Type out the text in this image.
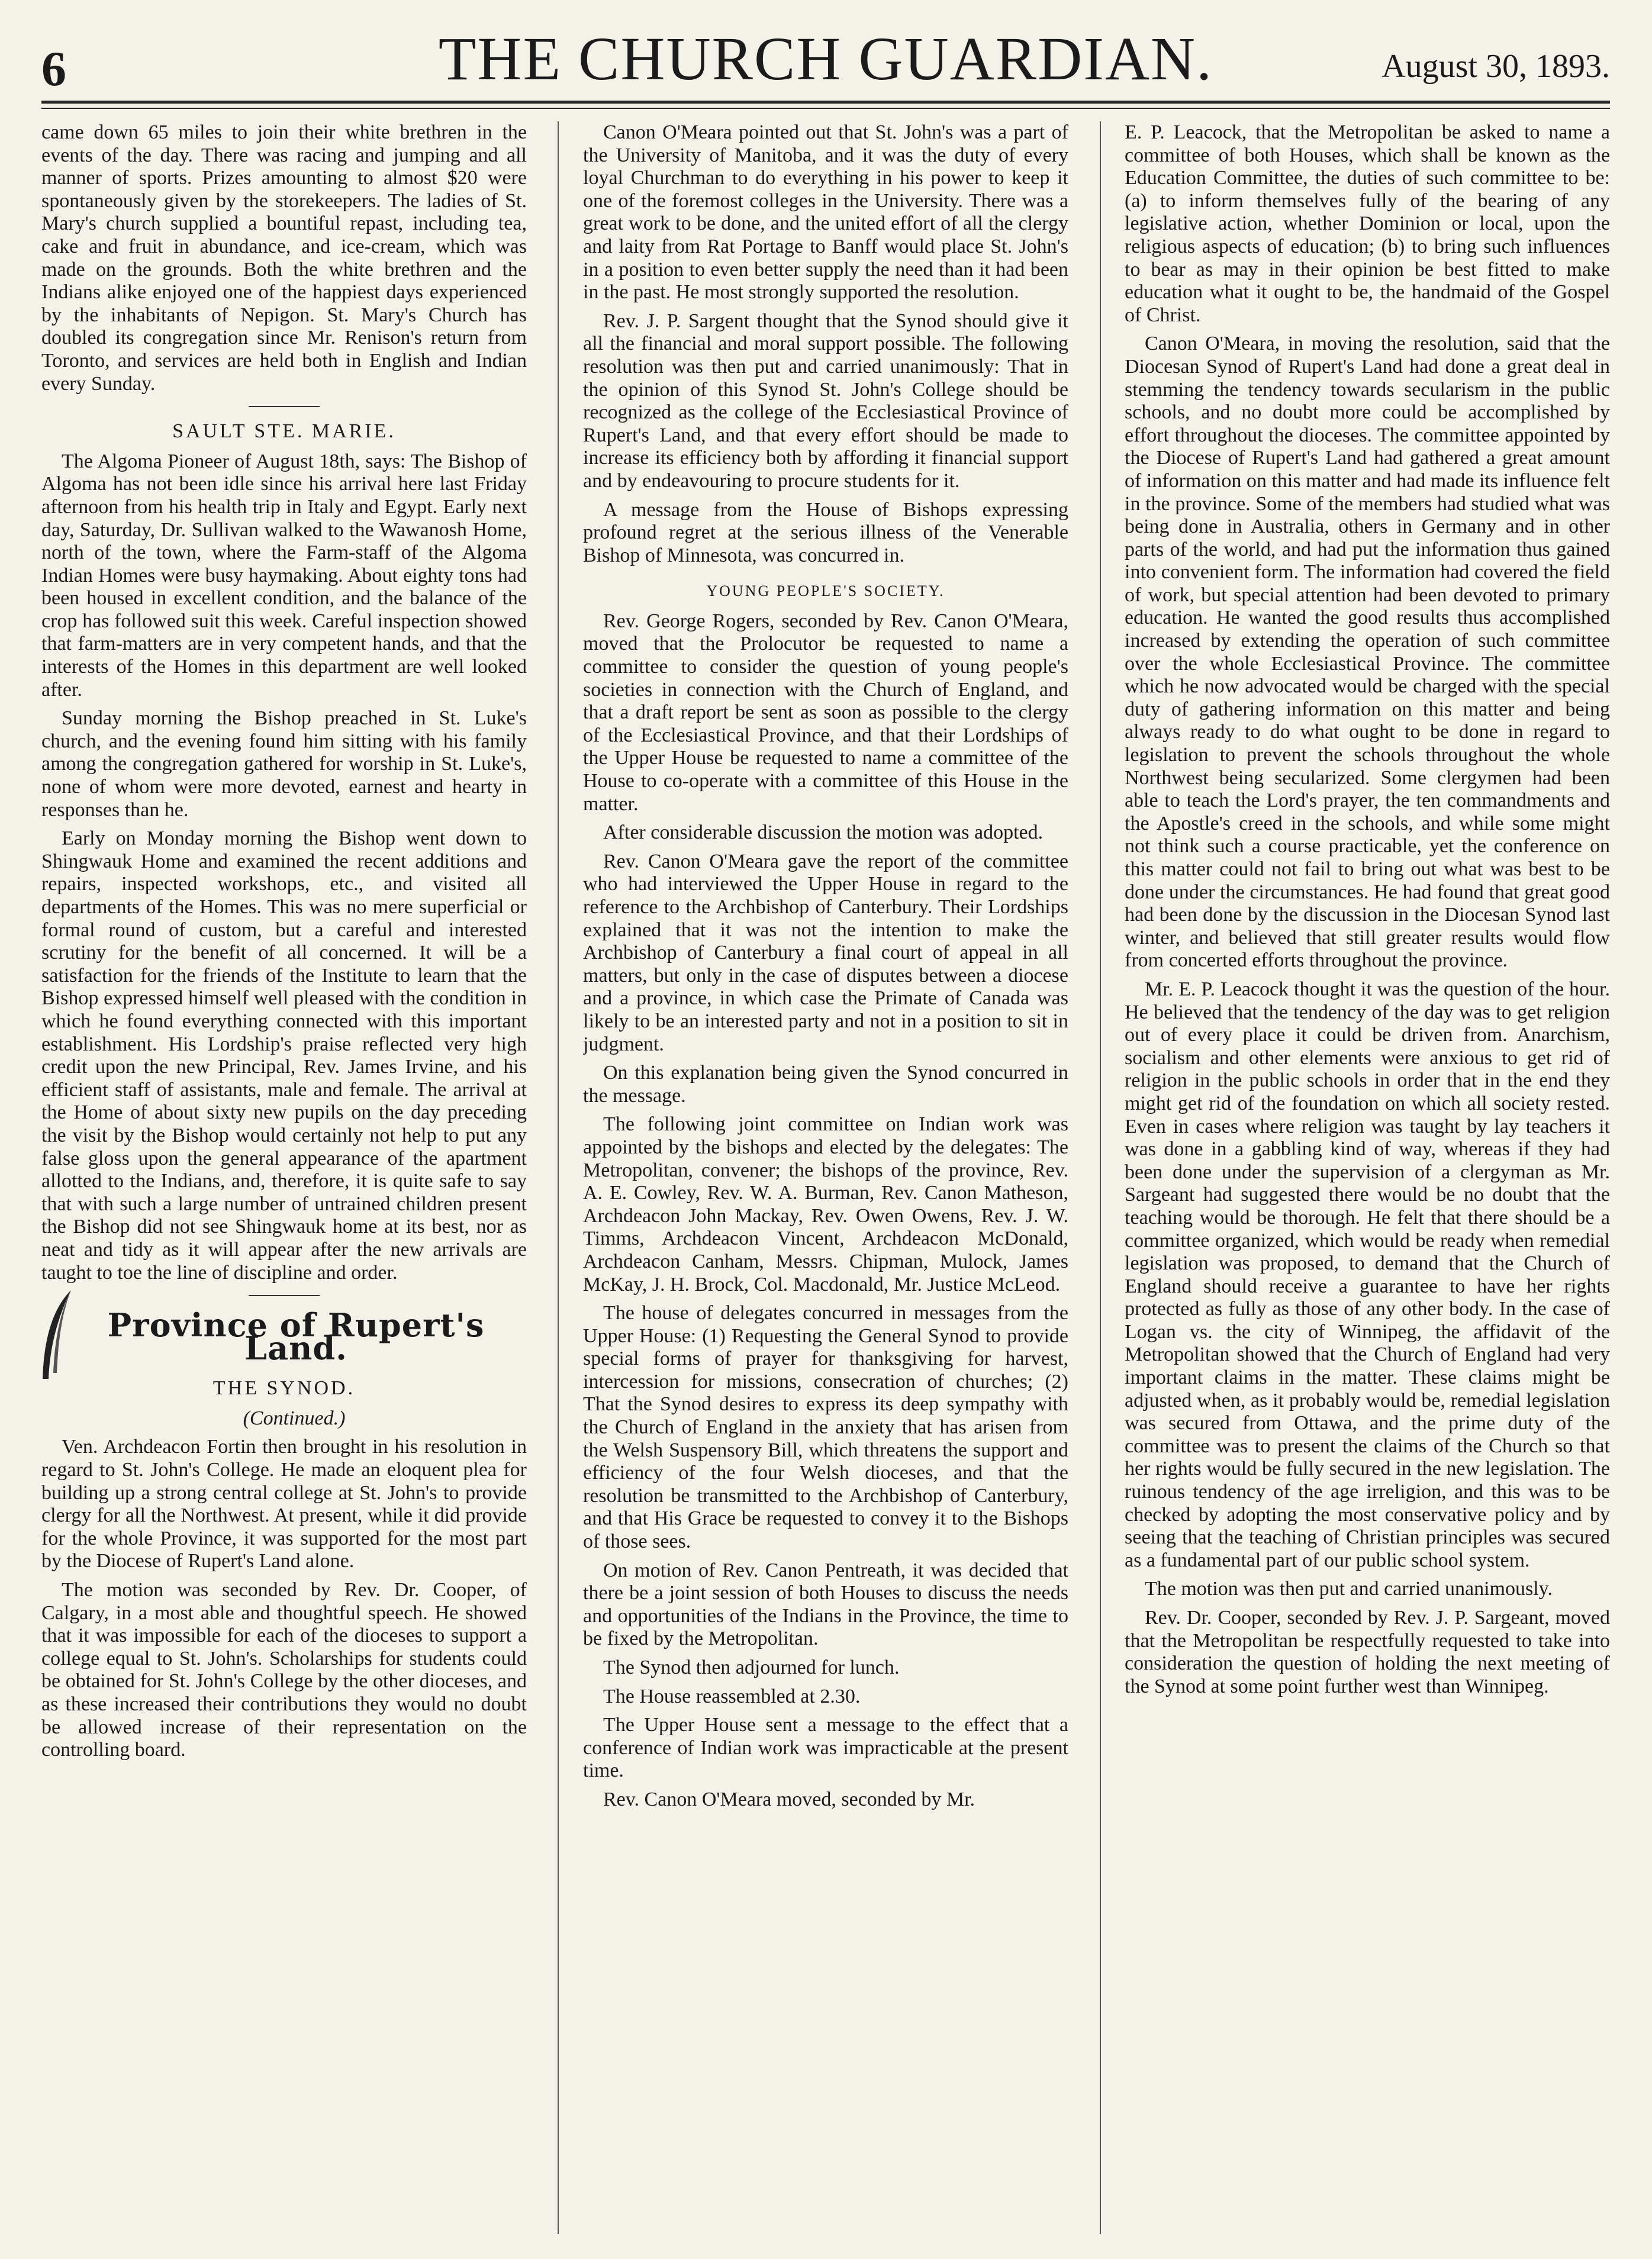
6	THE CHURCH GUARDIAN.	August 30, 1893.

came down 65 miles to join their white brethren in the events of the day. There was racing and jumping and all manner of sports. Prizes amounting to almost $20 were spontaneously given by the storekeepers. The ladies of St. Mary's church supplied a bountiful repast, including tea, cake and fruit in abundance, and ice-cream, which was made on the grounds. Both the white brethren and the Indians alike enjoyed one of the happiest days experienced by the inhabitants of Nepigon. St. Mary's Church has doubled its congregation since Mr. Renison's return from Toronto, and services are held both in English and Indian every Sunday.

SAULT STE. MARIE.

The Algoma Pioneer of August 18th, says: The Bishop of Algoma has not been idle since his arrival here last Friday afternoon from his health trip in Italy and Egypt. Early next day, Saturday, Dr. Sullivan walked to the Wawanosh Home, north of the town, where the Farm-staff of the Algoma Indian Homes were busy haymaking. About eighty tons had been housed in excellent condition, and the balance of the crop has followed suit this week. Careful inspection showed that farm-matters are in very competent hands, and that the interests of the Homes in this department are well looked after.

Sunday morning the Bishop preached in St. Luke's church, and the evening found him sitting with his family among the congregation gathered for worship in St. Luke's, none of whom were more devoted, earnest and hearty in responses than he.

Early on Monday morning the Bishop went down to Shingwauk Home and examined the recent additions and repairs, inspected workshops, etc., and visited all departments of the Homes. This was no mere superficial or formal round of custom, but a careful and interested scrutiny for the benefit of all concerned. It will be a satisfaction for the friends of the Institute to learn that the Bishop expressed himself well pleased with the condition in which he found everything connected with this important establishment. His Lordship's praise reflected very high credit upon the new Principal, Rev. James Irvine, and his efficient staff of assistants, male and female. The arrival at the Home of about sixty new pupils on the day preceding the visit by the Bishop would certainly not help to put any false gloss upon the general appearance of the apartment allotted to the Indians, and, therefore, it is quite safe to say that with such a large number of untrained children present the Bishop did not see Shingwauk home at its best, nor as neat and tidy as it will appear after the new arrivals are taught to toe the line of discipline and order.

Province of Rupert's Land.
THE SYNOD.

(Continued.)

Ven. Archdeacon Fortin then brought in his resolution in regard to St. John's College. He made an eloquent plea for building up a strong central college at St. John's to provide clergy for all the Northwest. At present, while it did provide for the whole Province, it was supported for the most part by the Diocese of Rupert's Land alone.

The motion was seconded by Rev. Dr. Cooper, of Calgary, in a most able and thoughtful speech. He showed that it was impossible for each of the dioceses to support a college equal to St. John's. Scholarships for students could be obtained for St. John's College by the other dioceses, and as these increased their contributions they would no doubt be allowed increase of their representation on the controlling board.

Canon O'Meara pointed out that St. John's was a part of the University of Manitoba, and it was the duty of every loyal Churchman to do everything in his power to keep it one of the foremost colleges in the University. There was a great work to be done, and the united effort of all the clergy and laity from Rat Portage to Banff would place St. John's in a position to even better supply the need than it had been in the past. He most strongly supported the resolution.

Rev. J. P. Sargent thought that the Synod should give it all the financial and moral support possible. The following resolution was then put and carried unanimously: That in the opinion of this Synod St. John's College should be recognized as the college of the Ecclesiastical Province of Rupert's Land, and that every effort should be made to increase its efficiency both by affording it financial support and by endeavouring to procure students for it.

A message from the House of Bishops expressing profound regret at the serious illness of the Venerable Bishop of Minnesota, was concurred in.

YOUNG PEOPLE'S SOCIETY.

Rev. George Rogers, seconded by Rev. Canon O'Meara, moved that the Prolocutor be requested to name a committee to consider the question of young people's societies in connection with the Church of England, and that a draft report be sent as soon as possible to the clergy of the Ecclesiastical Province, and that their Lordships of the Upper House be requested to name a committee of the House to co-operate with a committee of this House in the matter.

After considerable discussion the motion was adopted.

Rev. Canon O'Meara gave the report of the committee who had interviewed the Upper House in regard to the reference to the Archbishop of Canterbury. Their Lordships explained that it was not the intention to make the Archbishop of Canterbury a final court of appeal in all matters, but only in the case of disputes between a diocese and a province, in which case the Primate of Canada was likely to be an interested party and not in a position to sit in judgment.

On this explanation being given the Synod concurred in the message.

The following joint committee on Indian work was appointed by the bishops and elected by the delegates: The Metropolitan, convener; the bishops of the province, Rev. A. E. Cowley, Rev. W. A. Burman, Rev. Canon Matheson, Archdeacon John Mackay, Rev. Owen Owens, Rev. J. W. Timms, Archdeacon Vincent, Archdeacon McDonald, Archdeacon Canham, Messrs. Chipman, Mulock, James McKay, J. H. Brock, Col. Macdonald, Mr. Justice McLeod.

The house of delegates concurred in messages from the Upper House: (1) Requesting the General Synod to provide special forms of prayer for thanksgiving for harvest, intercession for missions, consecration of churches; (2) That the Synod desires to express its deep sympathy with the Church of England in the anxiety that has arisen from the Welsh Suspensory Bill, which threatens the support and efficiency of the four Welsh dioceses, and that the resolution be transmitted to the Archbishop of Canterbury, and that His Grace be requested to convey it to the Bishops of those sees.

On motion of Rev. Canon Pentreath, it was decided that there be a joint session of both Houses to discuss the needs and opportunities of the Indians in the Province, the time to be fixed by the Metropolitan.

The Synod then adjourned for lunch.

The House reassembled at 2.30.

The Upper House sent a message to the effect that a conference of Indian work was impracticable at the present time.

Rev. Canon O'Meara moved, seconded by Mr.

E. P. Leacock, that the Metropolitan be asked to name a committee of both Houses, which shall be known as the Education Committee, the duties of such committee to be: (a) to inform themselves fully of the bearing of any legislative action, whether Dominion or local, upon the religious aspects of education; (b) to bring such influences to bear as may in their opinion be best fitted to make education what it ought to be, the handmaid of the Gospel of Christ.

Canon O'Meara, in moving the resolution, said that the Diocesan Synod of Rupert's Land had done a great deal in stemming the tendency towards secularism in the public schools, and no doubt more could be accomplished by effort throughout the dioceses. The committee appointed by the Diocese of Rupert's Land had gathered a great amount of information on this matter and had made its influence felt in the province. Some of the members had studied what was being done in Australia, others in Germany and in other parts of the world, and had put the information thus gained into convenient form. The information had covered the field of work, but special attention had been devoted to primary education. He wanted the good results thus accomplished increased by extending the operation of such committee over the whole Ecclesiastical Province. The committee which he now advocated would be charged with the special duty of gathering information on this matter and being always ready to do what ought to be done in regard to legislation to prevent the schools throughout the whole Northwest being secularized. Some clergymen had been able to teach the Lord's prayer, the ten commandments and the Apostle's creed in the schools, and while some might not think such a course practicable, yet the conference on this matter could not fail to bring out what was best to be done under the circumstances. He had found that great good had been done by the discussion in the Diocesan Synod last winter, and believed that still greater results would flow from concerted efforts throughout the province.

Mr. E. P. Leacock thought it was the question of the hour. He believed that the tendency of the day was to get religion out of every place it could be driven from. Anarchism, socialism and other elements were anxious to get rid of religion in the public schools in order that in the end they might get rid of the foundation on which all society rested. Even in cases where religion was taught by lay teachers it was done in a gabbling kind of way, whereas if they had been done under the supervision of a clergyman as Mr. Sargeant had suggested there would be no doubt that the teaching would be thorough. He felt that there should be a committee organized, which would be ready when remedial legislation was proposed, to demand that the Church of England should receive a guarantee to have her rights protected as fully as those of any other body. In the case of Logan vs. the city of Winnipeg, the affidavit of the Metropolitan showed that the Church of England had very important claims in the matter. These claims might be adjusted when, as it probably would be, remedial legislation was secured from Ottawa, and the prime duty of the committee was to present the claims of the Church so that her rights would be fully secured in the new legislation. The ruinous tendency of the age irreligion, and this was to be checked by adopting the most conservative policy and by seeing that the teaching of Christian principles was secured as a fundamental part of our public school system.

The motion was then put and carried unanimously.

Rev. Dr. Cooper, seconded by Rev. J. P. Sargeant, moved that the Metropolitan be respectfully requested to take into consideration the question of holding the next meeting of the Synod at some point further west than Winnipeg.
